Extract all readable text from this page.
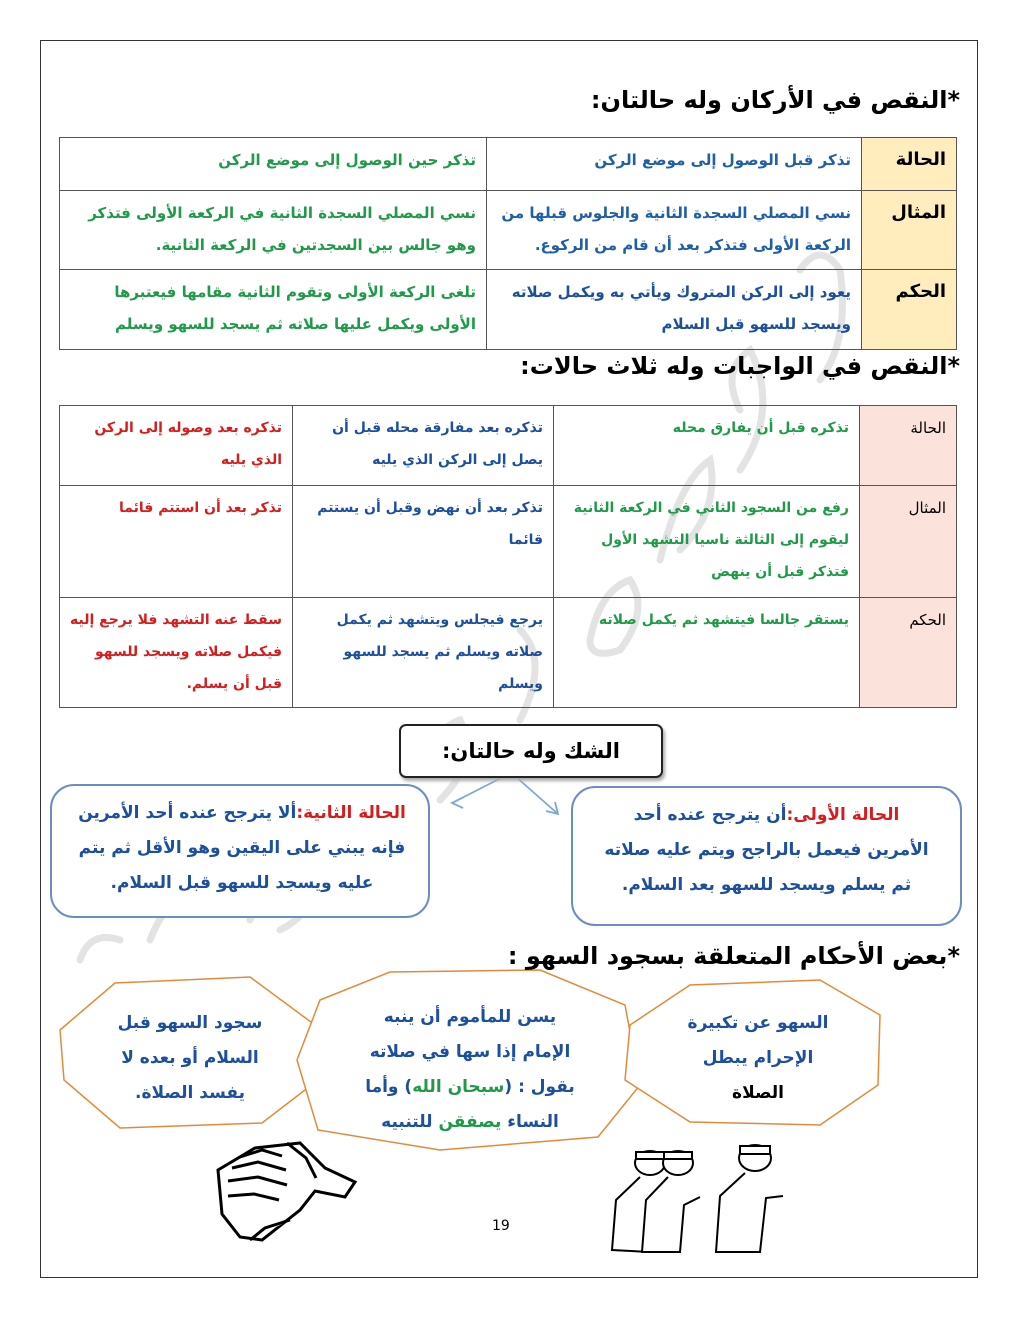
*النقص في الأركان وله حالتان:
الحالة	تذكر قبل الوصول إلى موضع الركن	تذكر حين الوصول إلى موضع الركن
المثال	نسي المصلي السجدة الثانية والجلوس قبلها من الركعة الأولى فتذكر بعد أن قام من الركوع.	نسي المصلي السجدة الثانية في الركعة الأولى فتذكر وهو جالس بين السجدتين في الركعة الثانية.
الحكم	يعود إلى الركن المتروك ويأتي به ويكمل صلاته ويسجد للسهو قبل السلام	تلغى الركعة الأولى وتقوم الثانية مقامها فيعتبرها الأولى ويكمل عليها صلاته ثم يسجد للسهو ويسلم
*النقص في الواجبات وله ثلاث حالات:
الحالة	تذكره قبل أن يفارق محله	تذكره بعد مفارقة محله قبل أن يصل إلى الركن الذي يليه	تذكره بعد وصوله إلى الركن الذي يليه
المثال	رفع من السجود الثاني في الركعة الثانية ليقوم إلى الثالثة ناسيا التشهد الأول فتذكر قبل أن ينهض	تذكر بعد أن نهض وقبل أن يستتم قائما	تذكر بعد أن استتم قائما
الحكم	يستقر جالسا فيتشهد ثم يكمل صلاته	يرجع فيجلس ويتشهد ثم يكمل صلاته ويسلم ثم يسجد للسهو ويسلم	سقط عنه التشهد فلا يرجع إليه فيكمل صلاته ويسجد للسهو قبل أن يسلم.
الشك وله حالتان:
الحالة الأولى:أن يترجح عنده أحد الأمرين فيعمل بالراجح ويتم عليه صلاته ثم يسلم ويسجد للسهو بعد السلام.
الحالة الثانية:ألا يترجح عنده أحد الأمرين فإنه يبني على اليقين وهو الأقل ثم يتم عليه ويسجد للسهو قبل السلام.
*بعض الأحكام المتعلقة بسجود السهو :
السهو عن تكبيرة
الإحرام يبطل
الصلاة
يسن للمأموم أن ينبه
الإمام إذا سها في صلاته
بقول : (سبحان الله) وأما
النساء يصفقن للتنبيه
سجود السهو قبل
السلام أو بعده لا
يفسد الصلاة.
19
